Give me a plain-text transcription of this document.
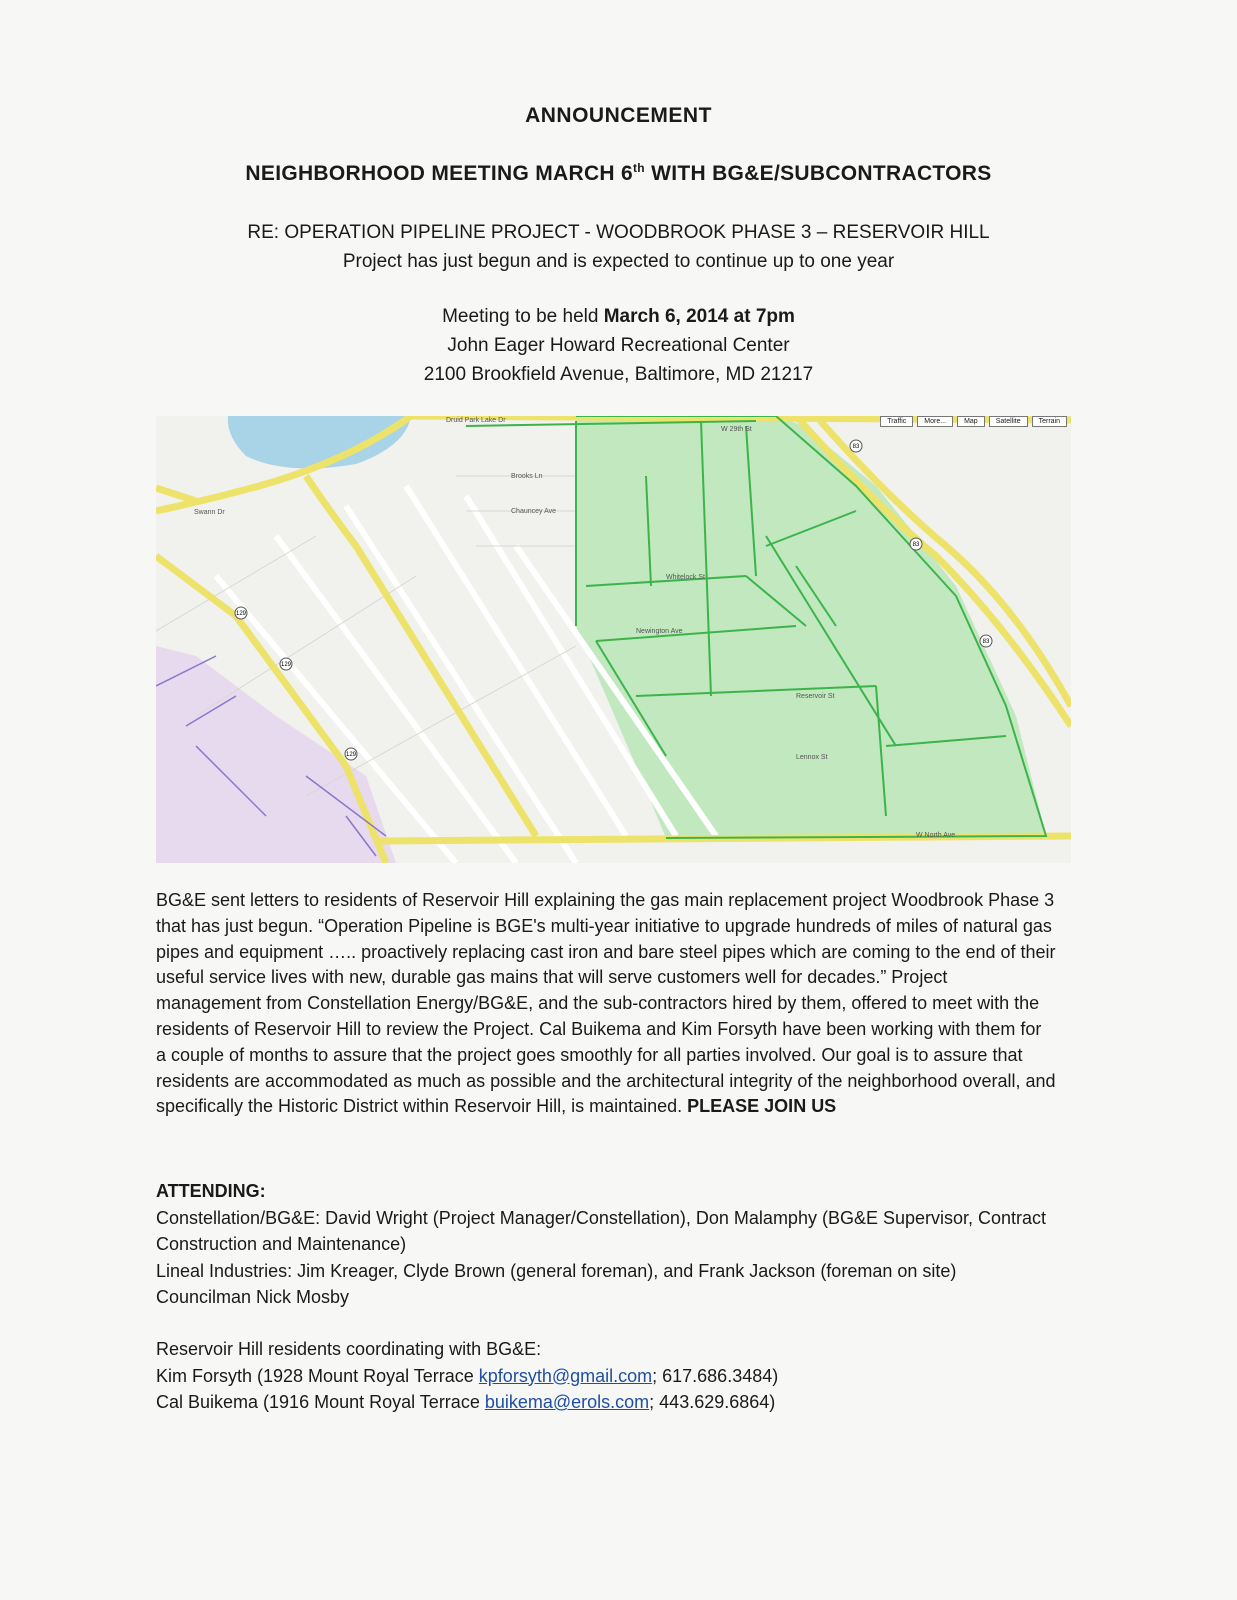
ANNOUNCEMENT
NEIGHBORHOOD MEETING MARCH 6th WITH BG&E/SUBCONTRACTORS
RE: OPERATION PIPELINE PROJECT - WOODBROOK PHASE 3 – RESERVOIR HILL
Project has just begun and is expected to continue up to one year
Meeting to be held March 6, 2014 at 7pm
John Eager Howard Recreational Center
2100 Brookfield Avenue, Baltimore, MD 21217
Druid Park Lake Dr
Swann Dr
Brooks Ln
Chauncey Ave
Whitelock St
Reservoir St
Lennox St
W North Ave
W 29th St
Newington Ave
129
129
129
83
83
83
Traffic	More...	Map	Satellite	Terrain
BG&E sent letters to residents of Reservoir Hill explaining the gas main replacement project Woodbrook Phase 3 that has just begun. “Operation Pipeline is BGE's multi-year initiative to upgrade hundreds of miles of natural gas pipes and equipment ….. proactively replacing cast iron and bare steel pipes which are coming to the end of their useful service lives with new, durable gas mains that will serve customers well for decades.” Project management from Constellation Energy/BG&E, and the sub-contractors hired by them, offered to meet with the residents of Reservoir Hill to review the Project. Cal Buikema and Kim Forsyth have been working with them for a couple of months to assure that the project goes smoothly for all parties involved. Our goal is to assure that residents are accommodated as much as possible and the architectural integrity of the neighborhood overall, and specifically the Historic District within Reservoir Hill, is maintained. PLEASE JOIN US
ATTENDING:
Constellation/BG&E: David Wright (Project Manager/Constellation), Don Malamphy (BG&E Supervisor, Contract Construction and Maintenance)
Lineal Industries: Jim Kreager, Clyde Brown (general foreman), and Frank Jackson (foreman on site)
Councilman Nick Mosby
Reservoir Hill residents coordinating with BG&E:
Kim Forsyth (1928 Mount Royal Terrace kpforsyth@gmail.com; 617.686.3484)
Cal Buikema (1916 Mount Royal Terrace buikema@erols.com; 443.629.6864)
